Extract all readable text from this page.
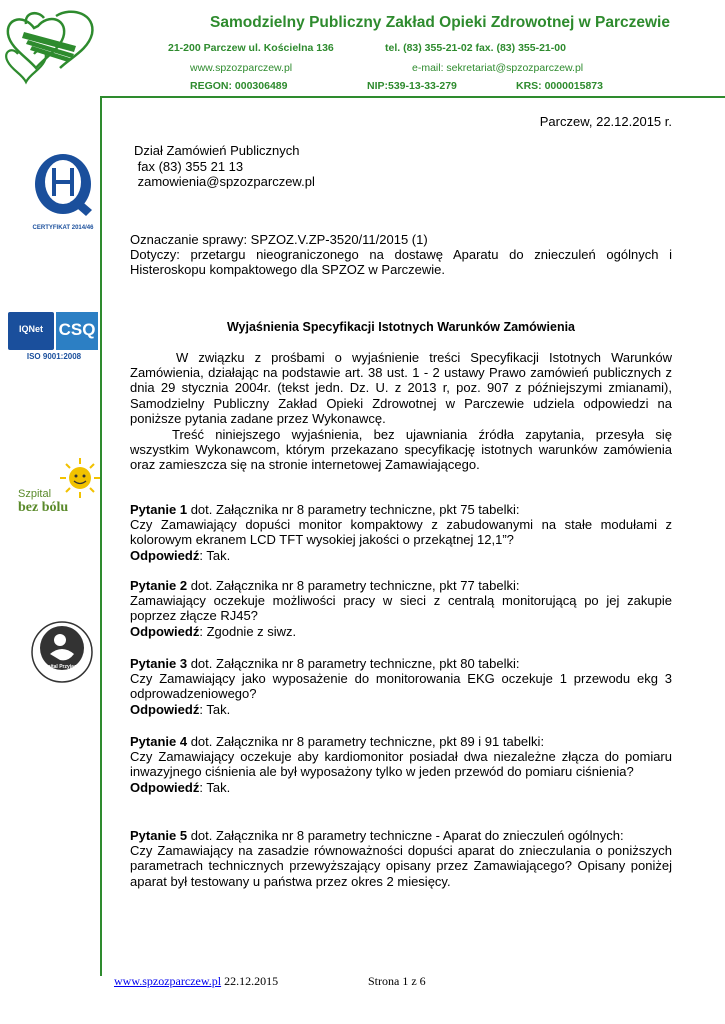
Samodzielny Publiczny Zakład Opieki Zdrowotnej w Parczewie
21-200 Parczew ul. Kościelna 136	tel. (83) 355-21-02 fax. (83) 355-21-00
www.spzozparczew.pl	e-mail: sekretariat@spzozparczew.pl
REGON: 000306489	NIP:539-13-33-279	KRS: 0000015873
CERTYFIKAT 2014/46
IQNet CSQ
ISO 9001:2008
Szpital
bez bólu
Szpital Przyjazny Dziecku
Parczew, 22.12.2015 r.
Dział Zamówień Publicznych
fax (83) 355 21 13
zamowienia@spzozparczew.pl
Oznaczanie sprawy: SPZOZ.V.ZP-3520/11/2015 (1)
Dotyczy: przetargu nieograniczonego na dostawę Aparatu do znieczuleń ogólnych i Histeroskopu kompaktowego dla SPZOZ w Parczewie.
Wyjaśnienia Specyfikacji Istotnych Warunków Zamówienia
W związku z prośbami o wyjaśnienie treści Specyfikacji Istotnych Warunków Zamówienia, działając na podstawie art. 38 ust. 1 - 2 ustawy Prawo zamówień publicznych z dnia 29 stycznia 2004r. (tekst jedn. Dz. U. z 2013 r, poz. 907 z późniejszymi zmianami), Samodzielny Publiczny Zakład Opieki Zdrowotnej w Parczewie udziela odpowiedzi na poniższe pytania zadane przez Wykonawcę.
Treść niniejszego wyjaśnienia, bez ujawniania źródła zapytania, przesyła się wszystkim Wykonawcom, którym przekazano specyfikację istotnych warunków zamówienia oraz zamieszcza się na stronie internetowej Zamawiającego.
Pytanie 1 dot. Załącznika nr 8 parametry techniczne, pkt 75 tabelki:
Czy Zamawiający dopuści monitor kompaktowy z zabudowanymi na stałe modułami z kolorowym ekranem LCD TFT wysokiej jakości o przekątnej 12,1”?
Odpowiedź: Tak.
Pytanie 2 dot. Załącznika nr 8 parametry techniczne, pkt 77 tabelki:
Zamawiający oczekuje możliwości pracy w sieci z centralą monitorującą po jej zakupie poprzez złącze RJ45?
Odpowiedź: Zgodnie z siwz.
Pytanie 3 dot. Załącznika nr 8 parametry techniczne, pkt 80 tabelki:
Czy Zamawiający jako wyposażenie do monitorowania EKG oczekuje 1 przewodu ekg 3 odprowadzeniowego?
Odpowiedź: Tak.
Pytanie 4 dot. Załącznika nr 8 parametry techniczne, pkt 89 i 91 tabelki:
Czy Zamawiający oczekuje aby kardiomonitor posiadał dwa niezależne złącza do pomiaru inwazyjnego ciśnienia ale był wyposażony tylko w jeden przewód do pomiaru ciśnienia?
Odpowiedź: Tak.
Pytanie 5 dot. Załącznika nr 8 parametry techniczne - Aparat do znieczuleń ogólnych:
Czy Zamawiający na zasadzie równoważności dopuści aparat do znieczulania o poniższych parametrach technicznych przewyższający opisany przez Zamawiającego? Opisany poniżej aparat był testowany u państwa przez okres 2 miesięcy.
www.spzozparczew.pl 22.12.2015	Strona 1 z 6
